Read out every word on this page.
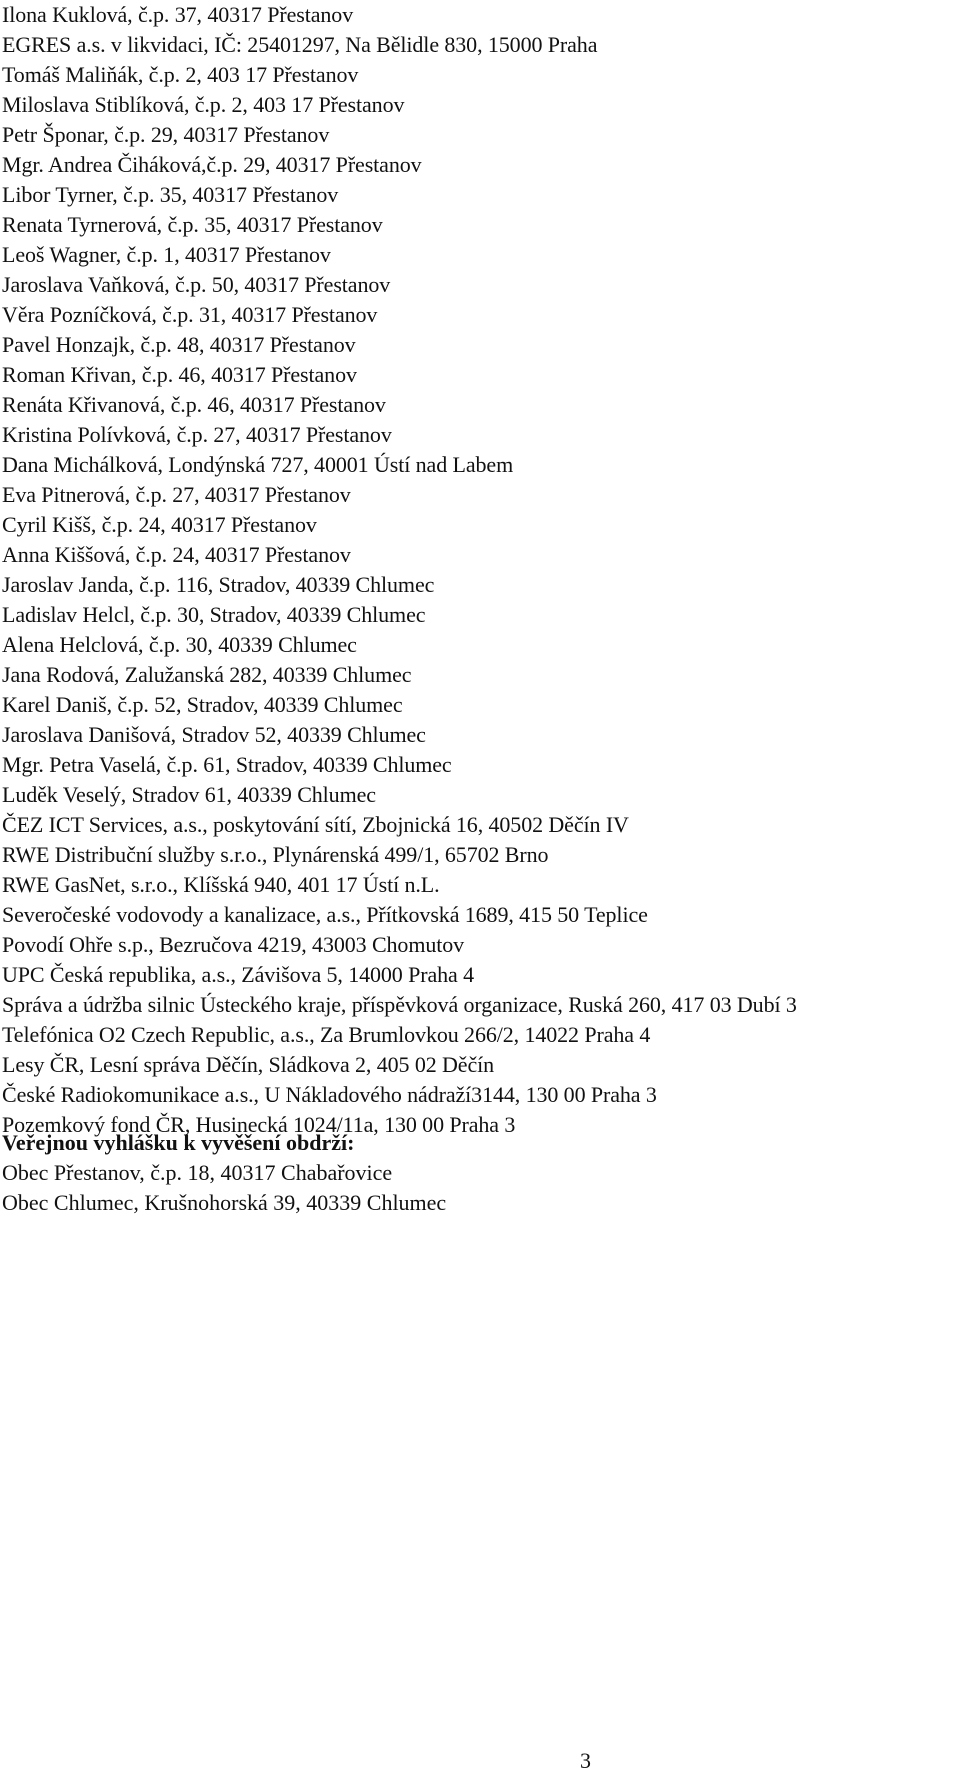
Ilona Kuklová, č.p. 37, 40317 Přestanov
EGRES a.s. v likvidaci, IČ: 25401297, Na Bělidle 830, 15000 Praha
Tomáš Maliňák, č.p. 2, 403 17 Přestanov
Miloslava Stiblíková, č.p. 2, 403 17 Přestanov
Petr Šponar, č.p. 29, 40317 Přestanov
Mgr. Andrea Čiháková,č.p. 29, 40317 Přestanov
Libor Tyrner, č.p. 35, 40317 Přestanov
Renata Tyrnerová, č.p. 35, 40317 Přestanov
Leoš Wagner, č.p. 1, 40317 Přestanov
Jaroslava Vaňková, č.p. 50, 40317 Přestanov
Věra Pozníčková, č.p. 31, 40317 Přestanov
Pavel Honzajk, č.p. 48, 40317 Přestanov
Roman Křivan, č.p. 46, 40317 Přestanov
Renáta Křivanová, č.p. 46, 40317 Přestanov
Kristina Polívková, č.p. 27, 40317 Přestanov
Dana Michálková, Londýnská 727, 40001 Ústí nad Labem
Eva Pitnerová, č.p. 27, 40317 Přestanov
Cyril Kišš, č.p. 24, 40317 Přestanov
Anna Kiššová, č.p. 24, 40317 Přestanov
Jaroslav Janda, č.p. 116, Stradov, 40339 Chlumec
Ladislav Helcl, č.p. 30, Stradov, 40339 Chlumec
Alena Helclová, č.p. 30, 40339 Chlumec
Jana Rodová, Zalužanská 282, 40339 Chlumec
Karel Daniš, č.p. 52, Stradov, 40339 Chlumec
Jaroslava Danišová, Stradov 52, 40339 Chlumec
Mgr. Petra Vaselá, č.p. 61, Stradov, 40339 Chlumec
Luděk Veselý, Stradov 61, 40339 Chlumec
ČEZ ICT Services, a.s., poskytování sítí, Zbojnická 16, 40502 Děčín IV
RWE Distribuční služby s.r.o., Plynárenská 499/1, 65702 Brno
RWE GasNet, s.r.o., Klíšská 940, 401 17 Ústí n.L.
Severočeské vodovody a kanalizace, a.s., Přítkovská 1689, 415 50 Teplice
Povodí Ohře s.p., Bezručova 4219, 43003 Chomutov
UPC Česká republika, a.s., Závišova 5, 14000 Praha 4
Správa a údržba silnic Ústeckého kraje, příspěvková organizace, Ruská 260, 417 03 Dubí 3
Telefónica O2 Czech Republic, a.s., Za Brumlovkou 266/2, 14022 Praha 4
Lesy ČR, Lesní správa Děčín, Sládkova 2, 405 02 Děčín
České Radiokomunikace a.s., U Nákladového nádraží3144, 130 00 Praha 3
Pozemkový fond ČR, Husinecká 1024/11a, 130 00 Praha 3

Veřejnou vyhlášku k vyvěšení obdrží:

Obec Přestanov, č.p. 18, 40317 Chabařovice
Obec Chlumec, Krušnohorská 39, 40339 Chlumec
3
